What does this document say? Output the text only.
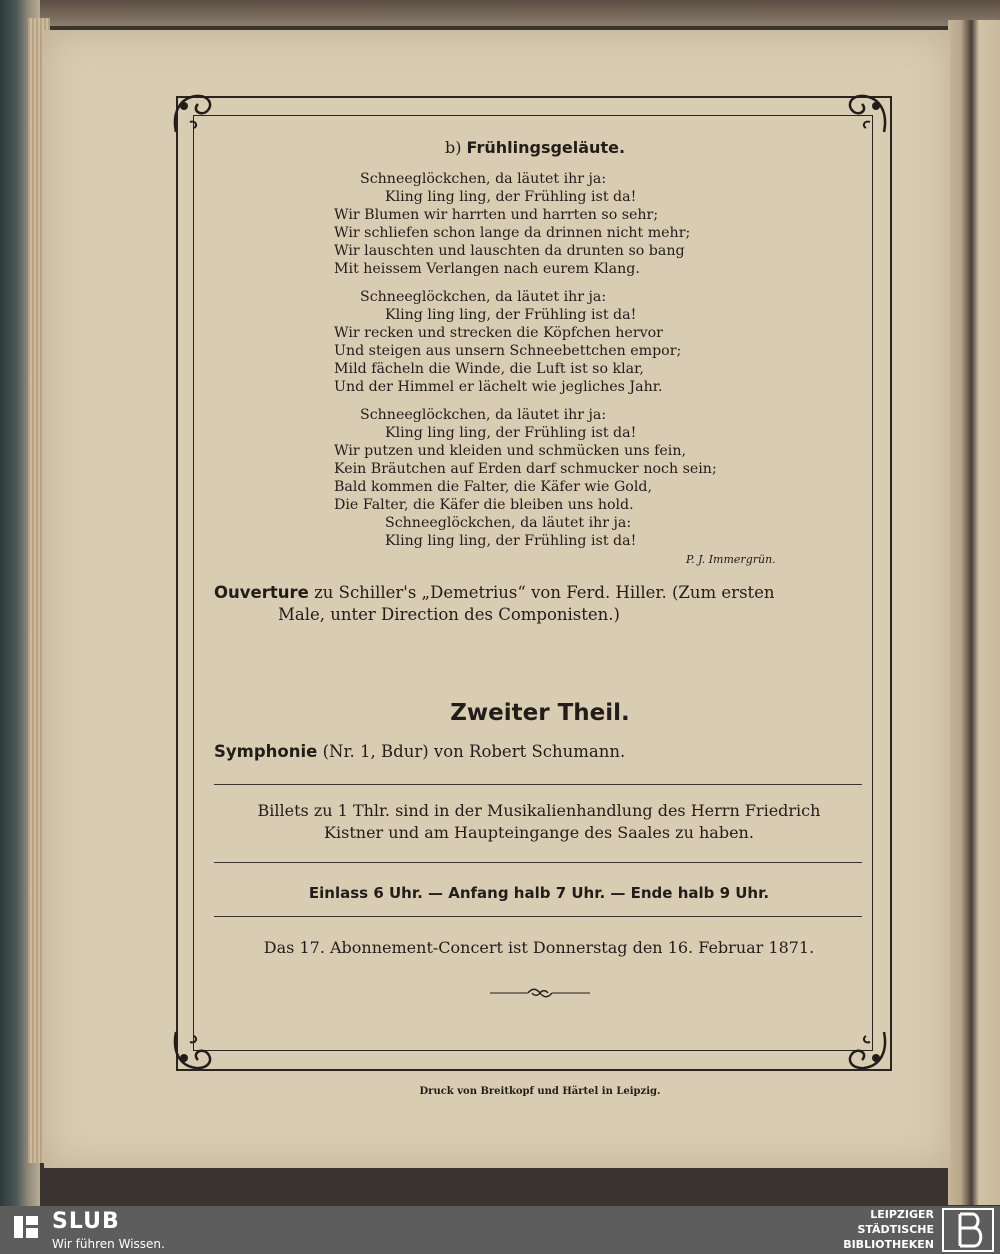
b) Frühlingsgeläute.
Schneeglöckchen, da läutet ihr ja:
Kling ling ling, der Frühling ist da!
Wir Blumen wir harrten und harrten so sehr;
Wir schliefen schon lange da drinnen nicht mehr;
Wir lauschten und lauschten da drunten so bang
Mit heissem Verlangen nach eurem Klang.
Schneeglöckchen, da läutet ihr ja:
Kling ling ling, der Frühling ist da!
Wir recken und strecken die Köpfchen hervor
Und steigen aus unsern Schneebettchen empor;
Mild fächeln die Winde, die Luft ist so klar,
Und der Himmel er lächelt wie jegliches Jahr.
Schneeglöckchen, da läutet ihr ja:
Kling ling ling, der Frühling ist da!
Wir putzen und kleiden und schmücken uns fein,
Kein Bräutchen auf Erden darf schmucker noch sein;
Bald kommen die Falter, die Käfer wie Gold,
Die Falter, die Käfer die bleiben uns hold.
Schneeglöckchen, da läutet ihr ja:
Kling ling ling, der Frühling ist da!
P. J. Immergrün.
Ouverture zu Schiller's „Demetrius“ von Ferd. Hiller. (Zum ersten
Male, unter Direction des Componisten.)
Zweiter Theil.
Symphonie (Nr. 1, Bdur) von Robert Schumann.
Billets zu 1 Thlr. sind in der Musikalienhandlung des Herrn Friedrich
Kistner und am Haupteingange des Saales zu haben.
Einlass 6 Uhr. — Anfang halb 7 Uhr. — Ende halb 9 Uhr.
Das 17. Abonnement-Concert ist Donnerstag den 16. Februar 1871.
Druck von Breitkopf und Härtel in Leipzig.
SLUB
Wir führen Wissen.
LEIPZIGER
STÄDTISCHE
BIBLIOTHEKEN
